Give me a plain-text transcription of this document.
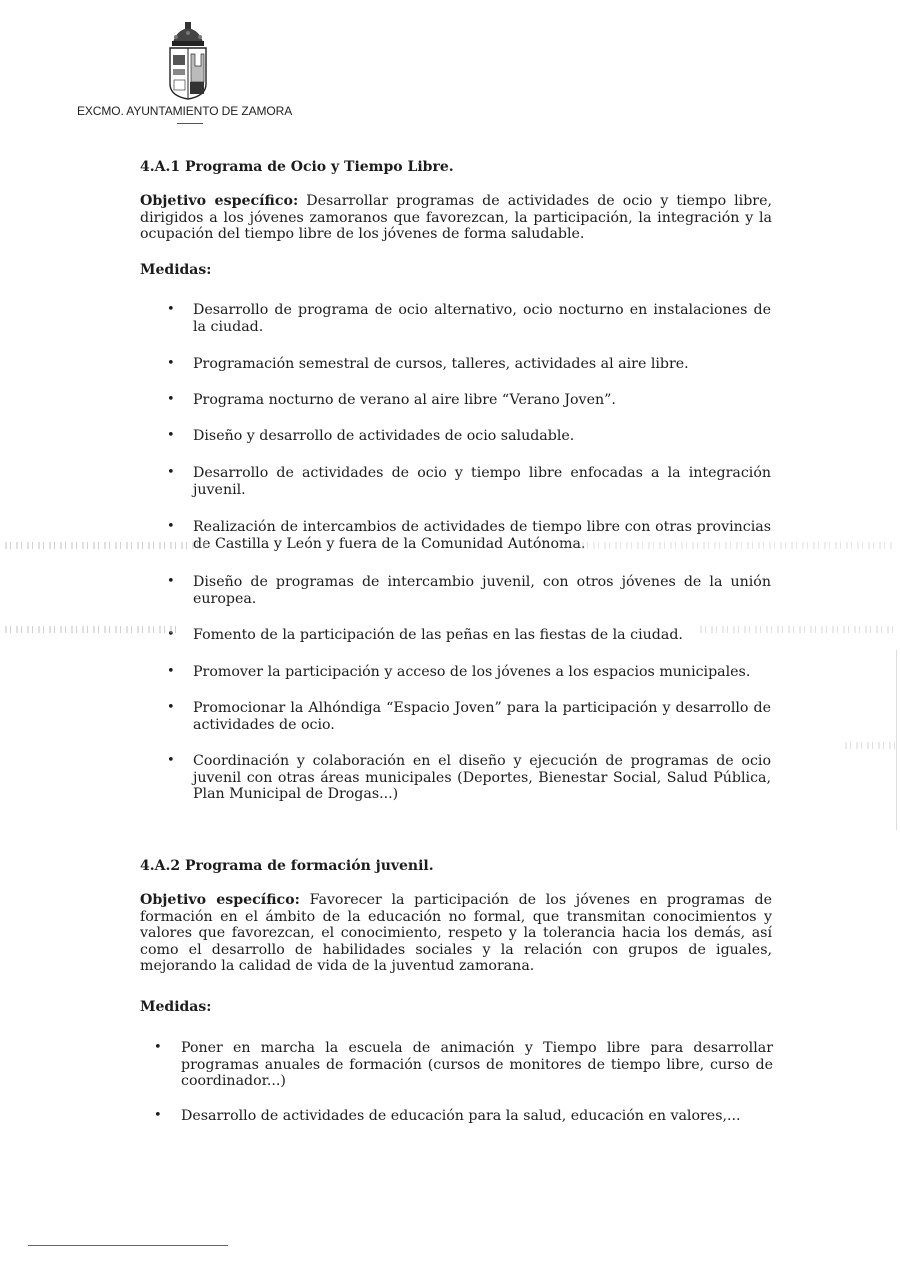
EXCMO. AYUNTAMIENTO DE ZAMORA
4.A.1 Programa de Ocio y Tiempo Libre.
Objetivo específico: Desarrollar programas de actividades de ocio y tiempo libre, dirigidos a los jóvenes zamoranos que favorezcan, la participación, la integración y la ocupación del tiempo libre de los jóvenes de forma saludable.
Medidas:
• Desarrollo de programa de ocio alternativo, ocio nocturno en instalaciones de la ciudad.
• Programación semestral de cursos, talleres, actividades al aire libre.
• Programa nocturno de verano al aire libre “Verano Joven”.
• Diseño y desarrollo de actividades de ocio saludable.
• Desarrollo de actividades de ocio y tiempo libre enfocadas a la integración juvenil.
• Realización de intercambios de actividades de tiempo libre con otras provincias de Castilla y León y fuera de la Comunidad Autónoma.
• Diseño de programas de intercambio juvenil, con otros jóvenes de la unión europea.
• Fomento de la participación de las peñas en las fiestas de la ciudad.
• Promover la participación y acceso de los jóvenes a los espacios municipales.
• Promocionar la Alhóndiga “Espacio Joven” para la participación y desarrollo de actividades de ocio.
• Coordinación y colaboración en el diseño y ejecución de programas de ocio juvenil con otras áreas municipales (Deportes, Bienestar Social, Salud Pública, Plan Municipal de Drogas...)
4.A.2 Programa de formación juvenil.
Objetivo específico: Favorecer la participación de los jóvenes en programas de formación en el ámbito de la educación no formal, que transmitan conocimientos y valores que favorezcan, el conocimiento, respeto y la tolerancia hacia los demás, así como el desarrollo de habilidades sociales y la relación con grupos de iguales, mejorando la calidad de vida de la juventud zamorana.
Medidas:
• Poner en marcha la escuela de animación y Tiempo libre para desarrollar programas anuales de formación (cursos de monitores de tiempo libre, curso de coordinador...)
• Desarrollo de actividades de educación para la salud, educación en valores,...
